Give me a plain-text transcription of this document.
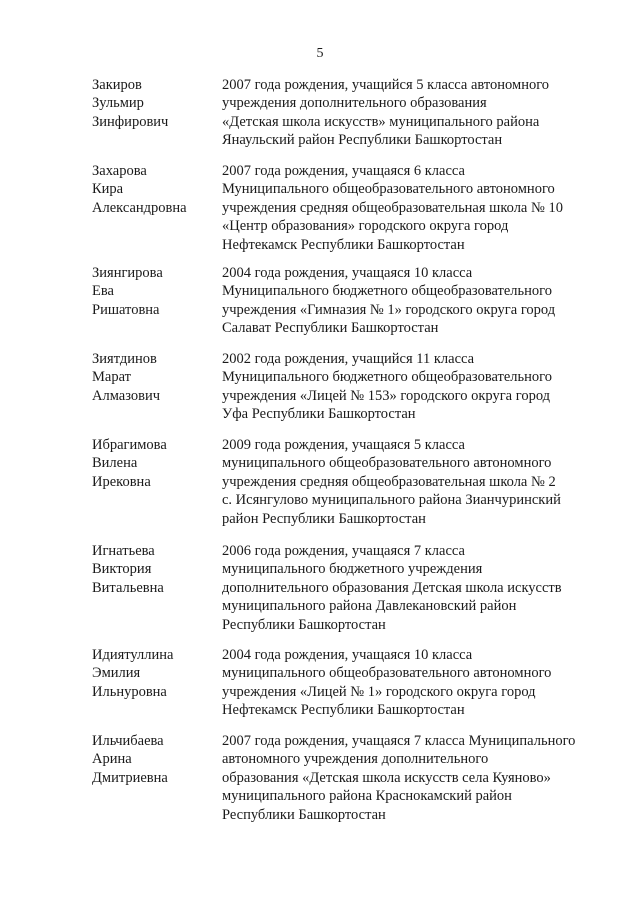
5
Закиров
Зульмир
Зинфирович
2007 года рождения, учащийся 5 класса автономного
учреждения дополнительного образования
«Детская школа искусств» муниципального района
Янаульский район Республики Башкортостан
Захарова
Кира
Александровна
2007 года рождения, учащаяся 6 класса
Муниципального общеобразовательного автономного
учреждения средняя общеобразовательная школа № 10
«Центр образования» городского округа город
Нефтекамск Республики Башкортостан
Зиянгирова
Ева
Ришатовна
2004 года рождения, учащаяся 10 класса
Муниципального бюджетного общеобразовательного
учреждения «Гимназия № 1» городского округа город
Салават Республики Башкортостан
Зиятдинов
Марат
Алмазович
2002 года рождения, учащийся 11 класса
Муниципального бюджетного общеобразовательного
учреждения «Лицей № 153» городского округа город
Уфа Республики Башкортостан
Ибрагимова
Вилена
Ирековна
2009 года рождения, учащаяся 5 класса
муниципального общеобразовательного автономного
учреждения средняя общеобразовательная школа № 2
с. Исянгулово муниципального района Зианчуринский
район Республики Башкортостан
Игнатьева
Виктория
Витальевна
2006 года рождения, учащаяся 7 класса
муниципального бюджетного учреждения
дополнительного образования Детская школа искусств
муниципального района Давлекановский район
Республики Башкортостан
Идиятуллина
Эмилия
Ильнуровна
2004 года рождения, учащаяся 10 класса
муниципального общеобразовательного автономного
учреждения «Лицей № 1» городского округа город
Нефтекамск Республики Башкортостан
Ильчибаева
Арина
Дмитриевна
2007 года рождения, учащаяся 7 класса Муниципального
автономного учреждения дополнительного
образования «Детская школа искусств села Куяново»
муниципального района Краснокамский район
Республики Башкортостан
